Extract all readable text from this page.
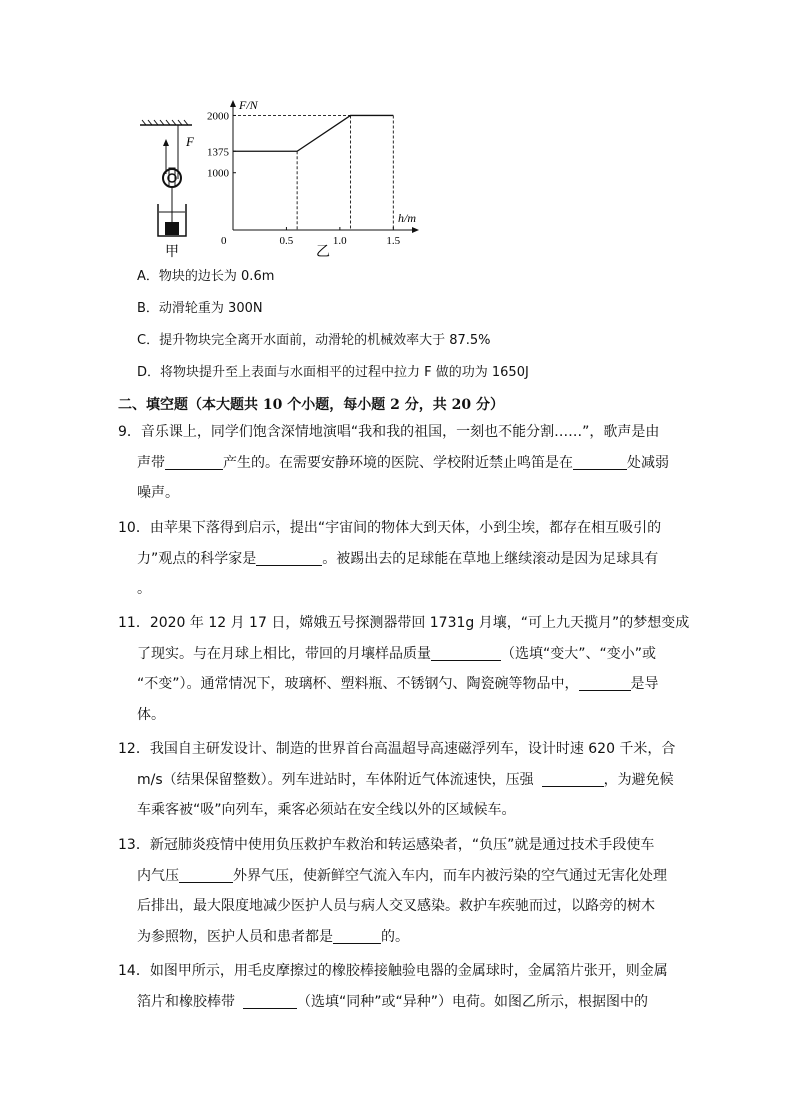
F
甲
F/N
h/m
0	0.5	1.0	1.5
1000
1375
2000
乙
A．物块的边长为 0.6m
B．动滑轮重为 300N
C．提升物块完全离开水面前，动滑轮的机械效率大于 87.5%
D．将物块提升至上表面与水面相平的过程中拉力 F 做的功为 1650J
二、填空题（本大题共 10 个小题，每小题 2 分，共 20 分）
9．音乐课上，同学们饱含深情地演唱“我和我的祖国，一刻也不能分割……”，歌声是由
声带	产生的。在需要安静环境的医院、学校附近禁止鸣笛是在	处减弱
噪声。
10．由苹果下落得到启示，提出“宇宙间的物体大到天体，小到尘埃，都存在相互吸引的
力”观点的科学家是	。被踢出去的足球能在草地上继续滚动是因为足球具有
。
11．2020 年 12 月 17 日，嫦娥五号探测器带回 1731g 月壤，“可上九天揽月”的梦想变成
了现实。与在月球上相比，带回的月壤样品质量	（选填“变大”、“变小”或
“不变”）。通常情况下，玻璃杯、塑料瓶、不锈钢勺、陶瓷碗等物品中，	是导
体。
12．我国自主研发设计、制造的世界首台高温超导高速磁浮列车，设计时速 620 千米，合
m/s（结果保留整数）。列车进站时，车体附近气体流速快，压强	，为避免候
车乘客被“吸”向列车，乘客必须站在安全线以外的区域候车。
13．新冠肺炎疫情中使用负压救护车救治和转运感染者，“负压”就是通过技术手段使车
内气压	外界气压，使新鲜空气流入车内，而车内被污染的空气通过无害化处理
后排出，最大限度地减少医护人员与病人交叉感染。救护车疾驰而过，以路旁的树木
为参照物，医护人员和患者都是	的。
14．如图甲所示，用毛皮摩擦过的橡胶棒接触验电器的金属球时，金属箔片张开，则金属
箔片和橡胶棒带	（选填“同种”或“异种”）电荷。如图乙所示，根据图中的
